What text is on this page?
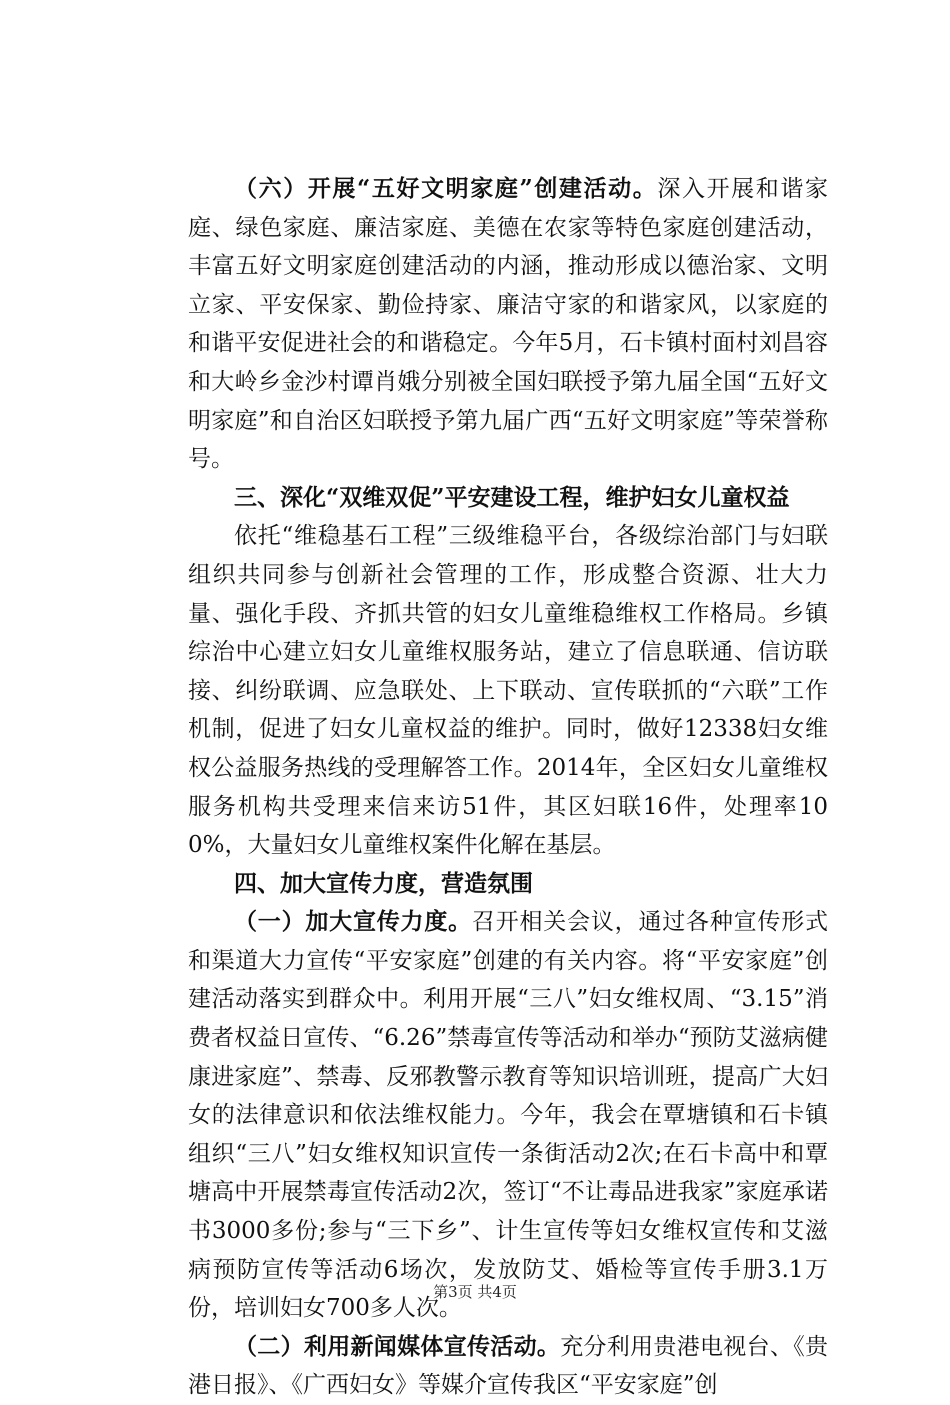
（六）开展“五好文明家庭”创建活动。深入开展和谐家庭、绿色家庭、廉洁家庭、美德在农家等特色家庭创建活动，丰富五好文明家庭创建活动的内涵，推动形成以德治家、文明立家、平安保家、勤俭持家、廉洁守家的和谐家风，以家庭的和谐平安促进社会的和谐稳定。今年5月，石卡镇村面村刘昌容和大岭乡金沙村谭肖娥分别被全国妇联授予第九届全国“五好文明家庭”和自治区妇联授予第九届广西“五好文明家庭”等荣誉称号。

三、深化“双维双促”平安建设工程，维护妇女儿童权益

依托“维稳基石工程”三级维稳平台，各级综治部门与妇联组织共同参与创新社会管理的工作，形成整合资源、壮大力量、强化手段、齐抓共管的妇女儿童维稳维权工作格局。乡镇综治中心建立妇女儿童维权服务站，建立了信息联通、信访联接、纠纷联调、应急联处、上下联动、宣传联抓的“六联”工作机制，促进了妇女儿童权益的维护。同时，做好12338妇女维权公益服务热线的受理解答工作。2014年，全区妇女儿童维权服务机构共受理来信来访51件，其区妇联16件，处理率100%，大量妇女儿童维权案件化解在基层。

四、加大宣传力度，营造氛围

（一）加大宣传力度。召开相关会议，通过各种宣传形式和渠道大力宣传“平安家庭”创建的有关内容。将“平安家庭”创建活动落实到群众中。利用开展“三八”妇女维权周、“3.15”消费者权益日宣传、“6.26”禁毒宣传等活动和举办“预防艾滋病健康进家庭”、禁毒、反邪教警示教育等知识培训班，提高广大妇女的法律意识和依法维权能力。今年，我会在覃塘镇和石卡镇组织“三八”妇女维权知识宣传一条街活动2次;在石卡高中和覃塘高中开展禁毒宣传活动2次，签订“不让毒品进我家”家庭承诺书3000多份;参与“三下乡”、计生宣传等妇女维权宣传和艾滋病预防宣传等活动6场次，发放防艾、婚检等宣传手册3.1万份，培训妇女700多人次。

（二）利用新闻媒体宣传活动。充分利用贵港电视台、《贵港日报》、《广西妇女》等媒介宣传我区“平安家庭”创

第3页 共4页
